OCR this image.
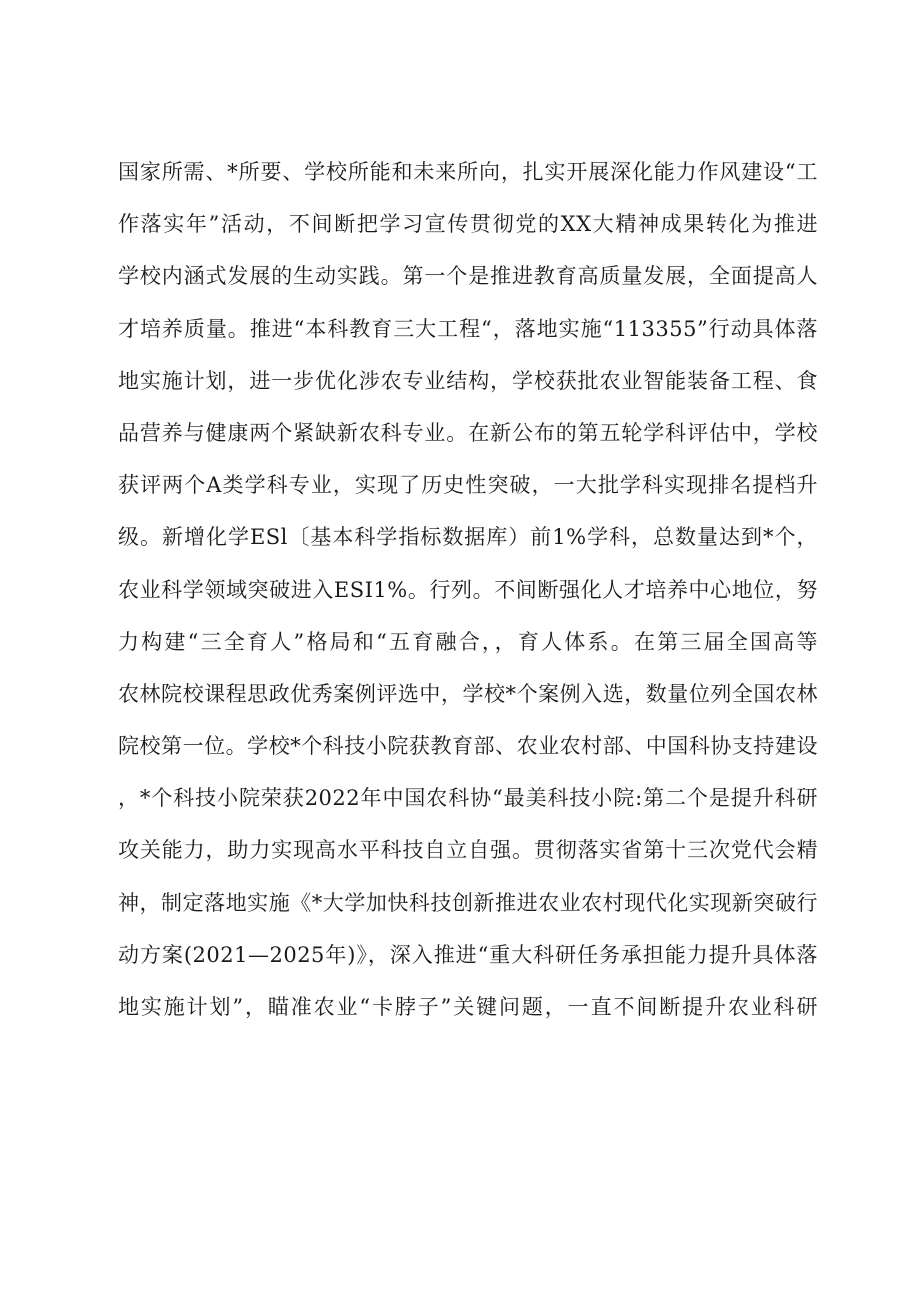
国家所需、*所要、学校所能和未来所向，扎实开展深化能力作风建设“工
作落实年”活动，不间断把学习宣传贯彻党的XX大精神成果转化为推进
学校内涵式发展的生动实践。第一个是推进教育高质量发展，全面提高人
才培养质量。推进“本科教育三大工程“，落地实施“113355”行动具体落
地实施计划，进一步优化涉农专业结构，学校获批农业智能装备工程、食
品营养与健康两个紧缺新农科专业。在新公布的第五轮学科评估中，学校
获评两个A类学科专业，实现了历史性突破，一大批学科实现排名提档升
级。新增化学ESl〔基本科学指标数据库）前1%学科，总数量达到*个，
农业科学领域突破进入ESI1%。行列。不间断强化人才培养中心地位，努
力构建“三全育人”格局和“五育融合，，育人体系。在第三届全国高等
农林院校课程思政优秀案例评选中，学校*个案例入选，数量位列全国农林
院校第一位。学校*个科技小院获教育部、农业农村部、中国科协支持建设
，*个科技小院荣获2022年中国农科协“最美科技小院:第二个是提升科研
攻关能力，助力实现高水平科技自立自强。贯彻落实省第十三次党代会精
神，制定落地实施《*大学加快科技创新推进农业农村现代化实现新突破行
动方案(2021—2025年)》，深入推进“重大科研任务承担能力提升具体落
地实施计划”，瞄准农业“卡脖子”关键问题，一直不间断提升农业科研
